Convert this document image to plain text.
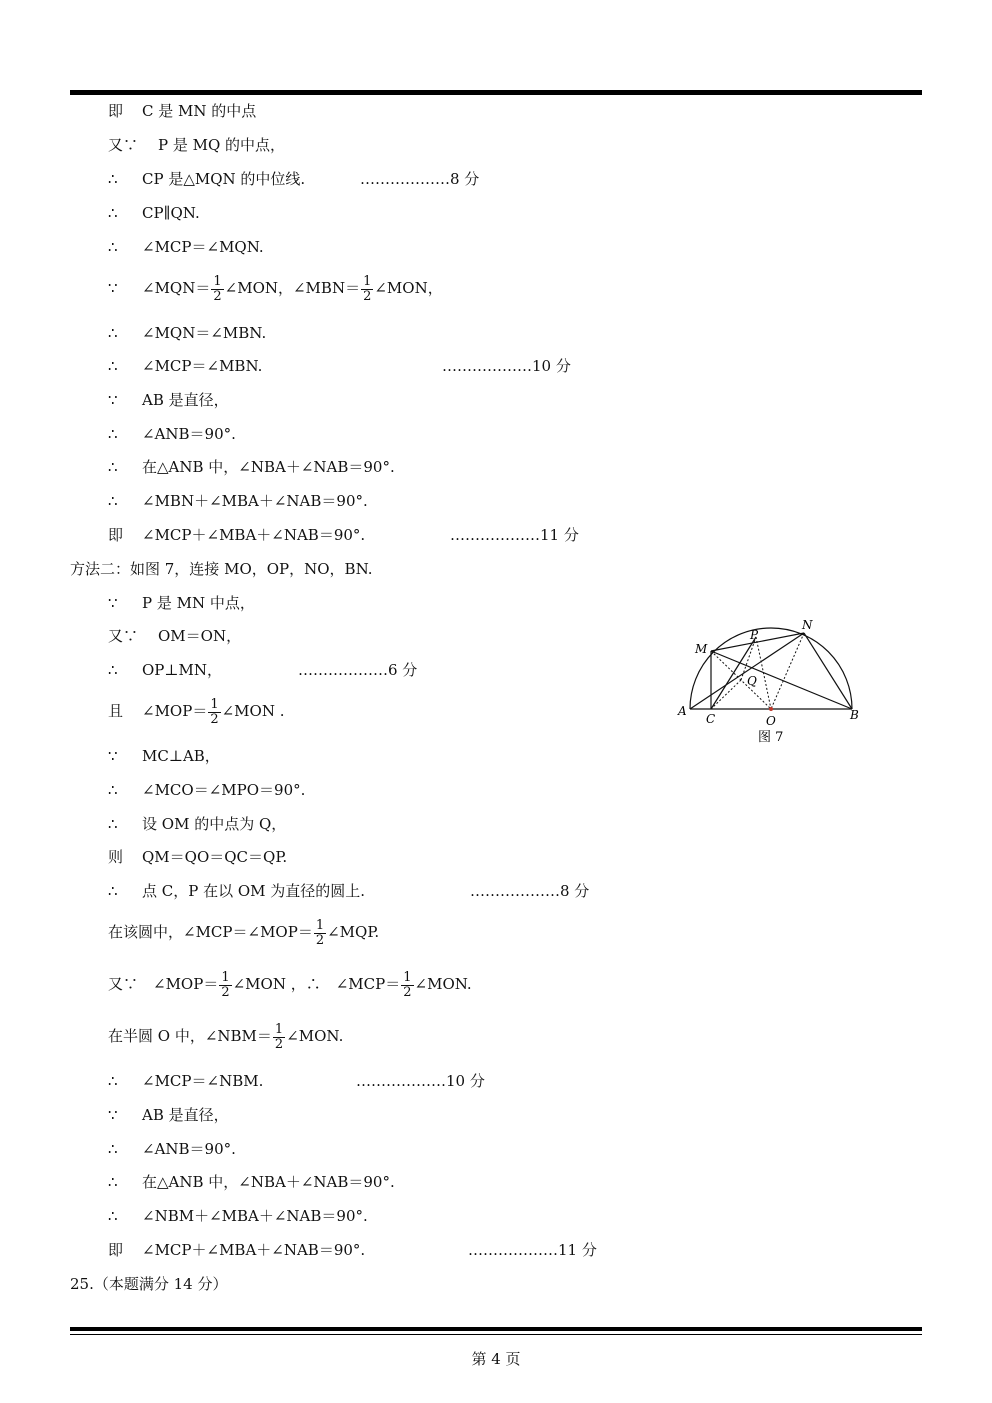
即	C 是 MN 的中点
又∵ P 是 MQ 的中点，
∴	CP 是△MQN 的中位线.	………………8 分
∴	CP∥QN.
∴	∠MCP＝∠MQN.
∵	∠MQN＝ $\frac{1}{2}$ ∠MON，∠MBN＝ $\frac{1}{2}$ ∠MON，
∴	∠MQN＝∠MBN.
∴	∠MCP＝∠MBN.	………………10 分
∵	AB 是直径，
∴	∠ANB＝90°.
∴	在△ANB 中，∠NBA＋∠NAB＝90°.
∴	∠MBN＋∠MBA＋∠NAB＝90°.
即	∠MCP＋∠MBA＋∠NAB＝90°.	………………11 分
方法二：如图 7，连接 MO，OP，NO，BN.
∵	P 是 MN 中点，
又∵ OM＝ON，
∴	OP⊥MN，	………………6 分
且	∠MOP＝ $\frac{1}{2}$ ∠MON .
∵	MC⊥AB，
∴	∠MCO＝∠MPO＝90°.
∴	设 OM 的中点为 Q，
则	QM＝QO＝QC＝QP.
∴	点 C，P 在以 OM 为直径的圆上.	………………8 分
在该圆中，∠MCP＝∠MOP＝ $\frac{1}{2}$ ∠MQP.
又∵　∠MOP＝ $\frac{1}{2}$ ∠MON ，∴　∠MCP＝ $\frac{1}{2}$ ∠MON.
在半圆 O 中，∠NBM＝ $\frac{1}{2}$ ∠MON.
∴	∠MCP＝∠NBM.	………………10 分
∵	AB 是直径，
∴	∠ANB＝90°.
∴	在△ANB 中，∠NBA＋∠NAB＝90°.
∴	∠NBM＋∠MBA＋∠NAB＝90°.
即	∠MCP＋∠MBA＋∠NAB＝90°.	………………11 分
25.（本题满分 14 分）
A
C	O	B
M
N
P
Q
图 7
第 4 页
